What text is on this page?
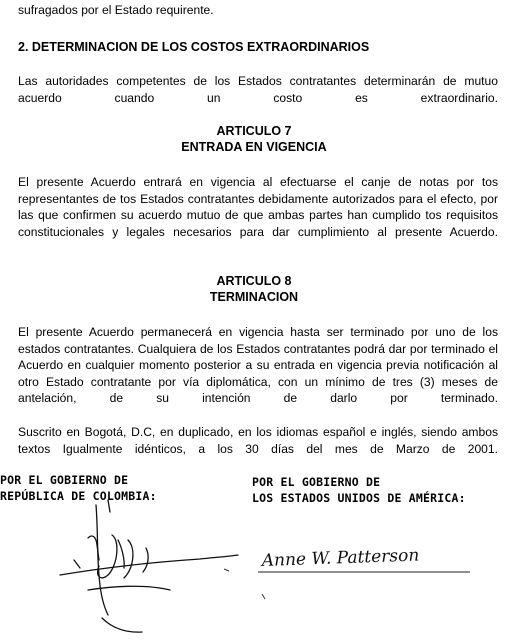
sufragados por el Estado requirente.

2. DETERMINACION DE LOS COSTOS EXTRAORDINARIOS

Las autoridades competentes de los Estados contratantes determinarán de mutuo acuerdo cuando un costo es extraordinario.

ARTICULO 7
ENTRADA EN VIGENCIA

El presente Acuerdo entrará en vigencia al efectuarse el canje de notas por tos representantes de tos Estados contratantes debidamente autorizados para el efecto, por las que confirmen su acuerdo mutuo de que ambas partes han cumplido tos requisitos constitucionales y legales necesarios para dar cumplimiento al presente Acuerdo.

ARTICULO 8
TERMINACION

El presente Acuerdo permanecerá en vigencia hasta ser terminado por uno de los estados contratantes. Cualquiera de los Estados contratantes podrá dar por terminado el Acuerdo en cualquier momento posterior a su entrada en vigencia previa notificación al otro Estado contratante por vía diplomática, con un mínimo de tres (3) meses de antelación, de su intención de darlo por terminado.

Suscrito en Bogotá, D.C, en duplicado, en los idiomas español e inglés, siendo ambos textos Igualmente idénticos, a los 30 días del mes de Marzo de 2001.

POR EL GOBIERNO DE
REPÚBLICA DE COLOMBIA:
POR EL GOBIERNO DE
LOS ESTADOS UNIDOS DE AMÉRICA:
Anne W. Patterson
